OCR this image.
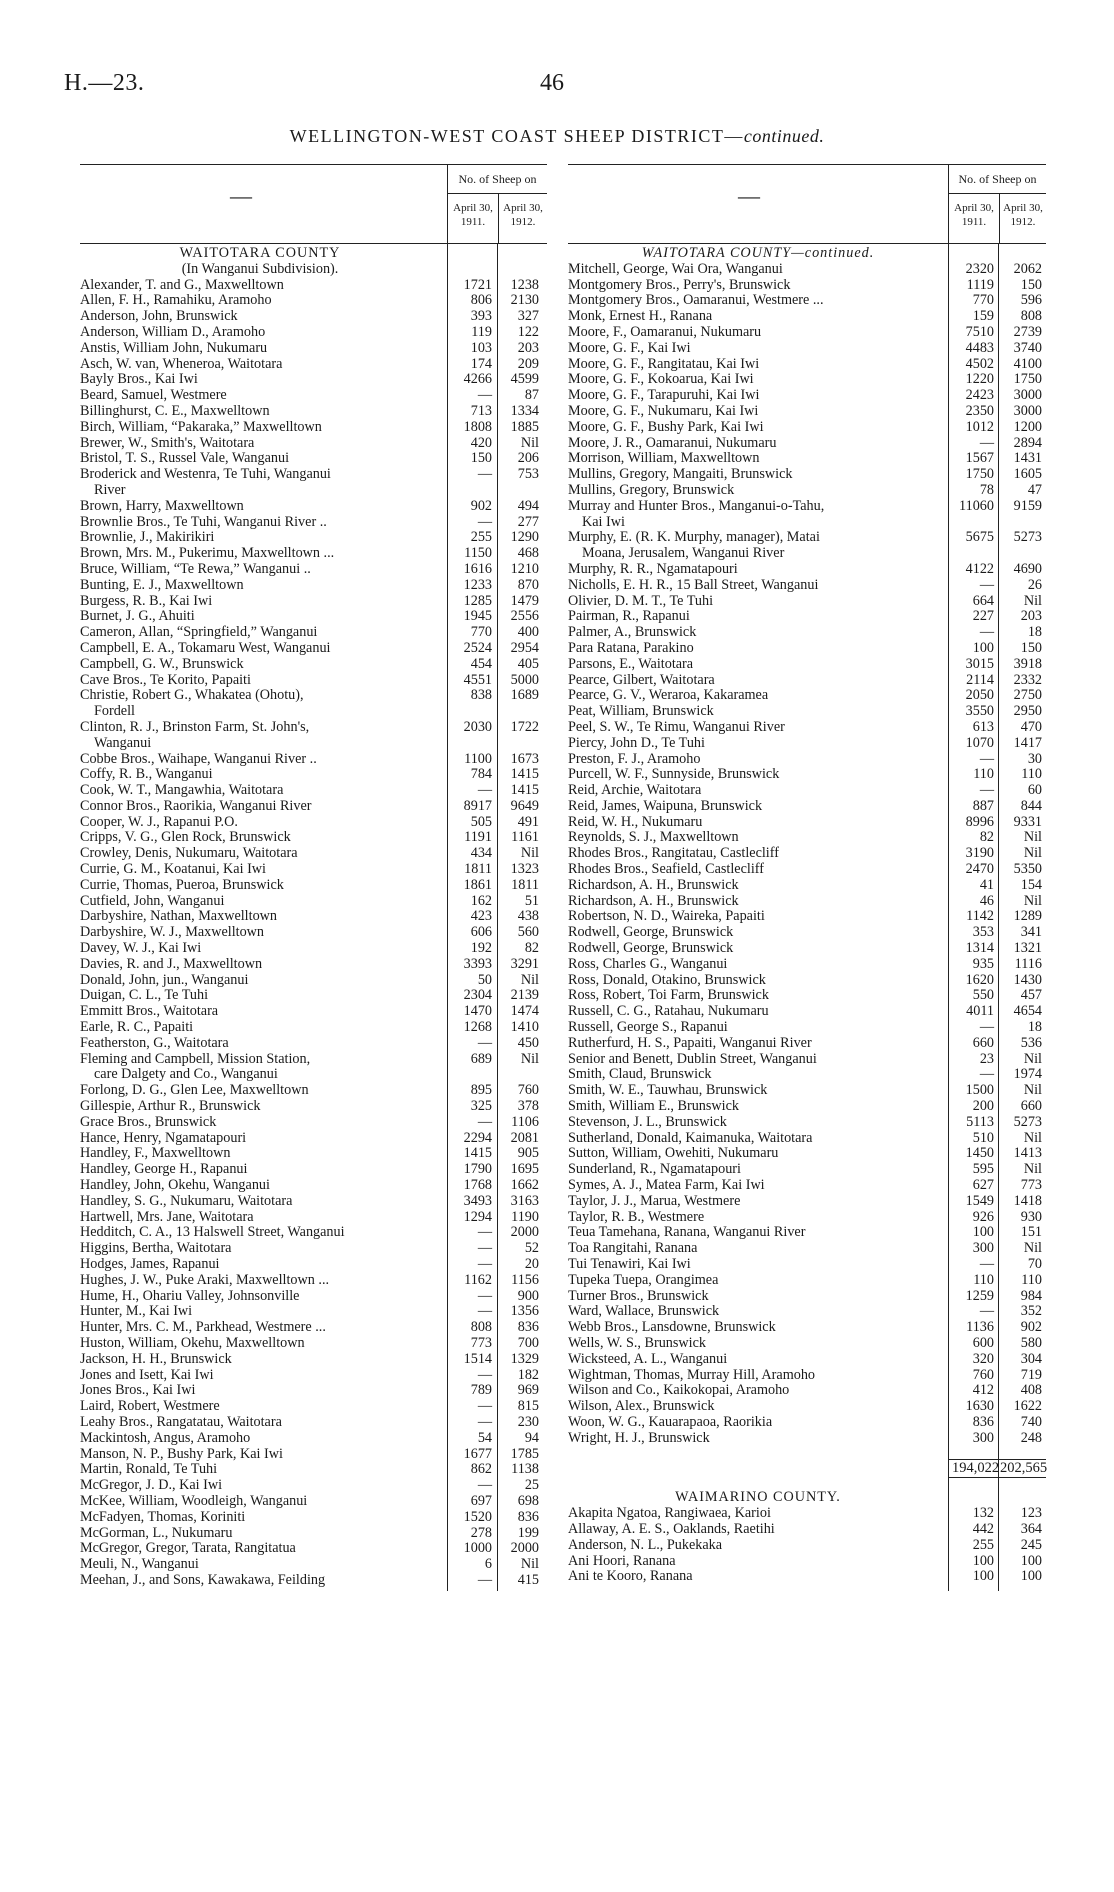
H.—23.	46
WELLINGTON-WEST COAST SHEEP DISTRICT—continued.
—
No. of Sheep on
April 30, 1911.
April 30, 1912.
WAITOTARA COUNTY
(In Wanganui Subdivision).
Alexander, T. and G., Maxwelltown	1721	1238
Allen, F. H., Ramahiku, Aramoho	806	2130
Anderson, John, Brunswick	393	327
Anderson, William D., Aramoho	119	122
Anstis, William John, Nukumaru	103	203
Asch, W. van, Wheneroa, Waitotara	174	209
Bayly Bros., Kai Iwi	4266	4599
Beard, Samuel, Westmere	—	87
Billinghurst, C. E., Maxwelltown	713	1334
Birch, William, “Pakaraka,” Maxwelltown	1808	1885
Brewer, W., Smith's, Waitotara	420	Nil
Bristol, T. S., Russel Vale, Wanganui	150	206
Broderick and Westenra, Te Tuhi, Wanganui	—	753
River
Brown, Harry, Maxwelltown	902	494
Brownlie Bros., Te Tuhi, Wanganui River ..	—	277
Brownlie, J., Makirikiri	255	1290
Brown, Mrs. M., Pukerimu, Maxwelltown ...	1150	468
Bruce, William, “Te Rewa,” Wanganui ..	1616	1210
Bunting, E. J., Maxwelltown	1233	870
Burgess, R. B., Kai Iwi	1285	1479
Burnet, J. G., Ahuiti	1945	2556
Cameron, Allan, “Springfield,” Wanganui	770	400
Campbell, E. A., Tokamaru West, Wanganui	2524	2954
Campbell, G. W., Brunswick	454	405
Cave Bros., Te Korito, Papaiti	4551	5000
Christie, Robert G., Whakatea (Ohotu),	838	1689
Fordell
Clinton, R. J., Brinston Farm, St. John's,	2030	1722
Wanganui
Cobbe Bros., Waihape, Wanganui River ..	1100	1673
Coffy, R. B., Wanganui	784	1415
Cook, W. T., Mangawhia, Waitotara	—	1415
Connor Bros., Raorikia, Wanganui River	8917	9649
Cooper, W. J., Rapanui P.O.	505	491
Cripps, V. G., Glen Rock, Brunswick	1191	1161
Crowley, Denis, Nukumaru, Waitotara	434	Nil
Currie, G. M., Koatanui, Kai Iwi	1811	1323
Currie, Thomas, Pueroa, Brunswick	1861	1811
Cutfield, John, Wanganui	162	51
Darbyshire, Nathan, Maxwelltown	423	438
Darbyshire, W. J., Maxwelltown	606	560
Davey, W. J., Kai Iwi	192	82
Davies, R. and J., Maxwelltown	3393	3291
Donald, John, jun., Wanganui	50	Nil
Duigan, C. L., Te Tuhi	2304	2139
Emmitt Bros., Waitotara	1470	1474
Earle, R. C., Papaiti	1268	1410
Featherston, G., Waitotara	—	450
Fleming and Campbell, Mission Station,	689	Nil
care Dalgety and Co., Wanganui
Forlong, D. G., Glen Lee, Maxwelltown	895	760
Gillespie, Arthur R., Brunswick	325	378
Grace Bros., Brunswick	—	1106
Hance, Henry, Ngamatapouri	2294	2081
Handley, F., Maxwelltown	1415	905
Handley, George H., Rapanui	1790	1695
Handley, John, Okehu, Wanganui	1768	1662
Handley, S. G., Nukumaru, Waitotara	3493	3163
Hartwell, Mrs. Jane, Waitotara	1294	1190
Hedditch, C. A., 13 Halswell Street, Wanganui	—	2000
Higgins, Bertha, Waitotara	—	52
Hodges, James, Rapanui	—	20
Hughes, J. W., Puke Araki, Maxwelltown ...	1162	1156
Hume, H., Ohariu Valley, Johnsonville	—	900
Hunter, M., Kai Iwi	—	1356
Hunter, Mrs. C. M., Parkhead, Westmere ...	808	836
Huston, William, Okehu, Maxwelltown	773	700
Jackson, H. H., Brunswick	1514	1329
Jones and Isett, Kai Iwi	—	182
Jones Bros., Kai Iwi	789	969
Laird, Robert, Westmere	—	815
Leahy Bros., Rangatatau, Waitotara	—	230
Mackintosh, Angus, Aramoho	54	94
Manson, N. P., Bushy Park, Kai Iwi	1677	1785
Martin, Ronald, Te Tuhi	862	1138
McGregor, J. D., Kai Iwi	—	25
McKee, William, Woodleigh, Wanganui	697	698
McFadyen, Thomas, Koriniti	1520	836
McGorman, L., Nukumaru	278	199
McGregor, Gregor, Tarata, Rangitatua	1000	2000
Meuli, N., Wanganui	6	Nil
Meehan, J., and Sons, Kawakawa, Feilding	—	415
—
No. of Sheep on
April 30, 1911.
April 30, 1912.
WAITOTARA COUNTY—continued.
Mitchell, George, Wai Ora, Wanganui	2320	2062
Montgomery Bros., Perry's, Brunswick	1119	150
Montgomery Bros., Oamaranui, Westmere ...	770	596
Monk, Ernest H., Ranana	159	808
Moore, F., Oamaranui, Nukumaru	7510	2739
Moore, G. F., Kai Iwi	4483	3740
Moore, G. F., Rangitatau, Kai Iwi	4502	4100
Moore, G. F., Kokoarua, Kai Iwi	1220	1750
Moore, G. F., Tarapuruhi, Kai Iwi	2423	3000
Moore, G. F., Nukumaru, Kai Iwi	2350	3000
Moore, G. F., Bushy Park, Kai Iwi	1012	1200
Moore, J. R., Oamaranui, Nukumaru	—	2894
Morrison, William, Maxwelltown	1567	1431
Mullins, Gregory, Mangaiti, Brunswick	1750	1605
Mullins, Gregory, Brunswick	78	47
Murray and Hunter Bros., Manganui-o-Tahu,	11060	9159
Kai Iwi
Murphy, E. (R. K. Murphy, manager), Matai	5675	5273
Moana, Jerusalem, Wanganui River
Murphy, R. R., Ngamatapouri	4122	4690
Nicholls, E. H. R., 15 Ball Street, Wanganui	—	26
Olivier, D. M. T., Te Tuhi	664	Nil
Pairman, R., Rapanui	227	203
Palmer, A., Brunswick	—	18
Para Ratana, Parakino	100	150
Parsons, E., Waitotara	3015	3918
Pearce, Gilbert, Waitotara	2114	2332
Pearce, G. V., Weraroa, Kakaramea	2050	2750
Peat, William, Brunswick	3550	2950
Peel, S. W., Te Rimu, Wanganui River	613	470
Piercy, John D., Te Tuhi	1070	1417
Preston, F. J., Aramoho	—	30
Purcell, W. F., Sunnyside, Brunswick	110	110
Reid, Archie, Waitotara	—	60
Reid, James, Waipuna, Brunswick	887	844
Reid, W. H., Nukumaru	8996	9331
Reynolds, S. J., Maxwelltown	82	Nil
Rhodes Bros., Rangitatau, Castlecliff	3190	Nil
Rhodes Bros., Seafield, Castlecliff	2470	5350
Richardson, A. H., Brunswick	41	154
Richardson, A. H., Brunswick	46	Nil
Robertson, N. D., Waireka, Papaiti	1142	1289
Rodwell, George, Brunswick	353	341
Rodwell, George, Brunswick	1314	1321
Ross, Charles G., Wanganui	935	1116
Ross, Donald, Otakino, Brunswick	1620	1430
Ross, Robert, Toi Farm, Brunswick	550	457
Russell, C. G., Ratahau, Nukumaru	4011	4654
Russell, George S., Rapanui	—	18
Rutherfurd, H. S., Papaiti, Wanganui River	660	536
Senior and Benett, Dublin Street, Wanganui	23	Nil
Smith, Claud, Brunswick	—	1974
Smith, W. E., Tauwhau, Brunswick	1500	Nil
Smith, William E., Brunswick	200	660
Stevenson, J. L., Brunswick	5113	5273
Sutherland, Donald, Kaimanuka, Waitotara	510	Nil
Sutton, William, Owehiti, Nukumaru	1450	1413
Sunderland, R., Ngamatapouri	595	Nil
Symes, A. J., Matea Farm, Kai Iwi	627	773
Taylor, J. J., Marua, Westmere	1549	1418
Taylor, R. B., Westmere	926	930
Teua Tamehana, Ranana, Wanganui River	100	151
Toa Rangitahi, Ranana	300	Nil
Tui Tenawiri, Kai Iwi	—	70
Tupeka Tuepa, Orangimea	110	110
Turner Bros., Brunswick	1259	984
Ward, Wallace, Brunswick	—	352
Webb Bros., Lansdowne, Brunswick	1136	902
Wells, W. S., Brunswick	600	580
Wicksteed, A. L., Wanganui	320	304
Wightman, Thomas, Murray Hill, Aramoho	760	719
Wilson and Co., Kaikokopai, Aramoho	412	408
Wilson, Alex., Brunswick	1630	1622
Woon, W. G., Kauarapaoa, Raorikia	836	740
Wright, H. J., Brunswick	300	248
194,022 202,565
WAIMARINO COUNTY.
Akapita Ngatoa, Rangiwaea, Karioi	132	123
Allaway, A. E. S., Oaklands, Raetihi	442	364
Anderson, N. L., Pukekaka	255	245
Ani Hoori, Ranana	100	100
Ani te Kooro, Ranana	100	100
